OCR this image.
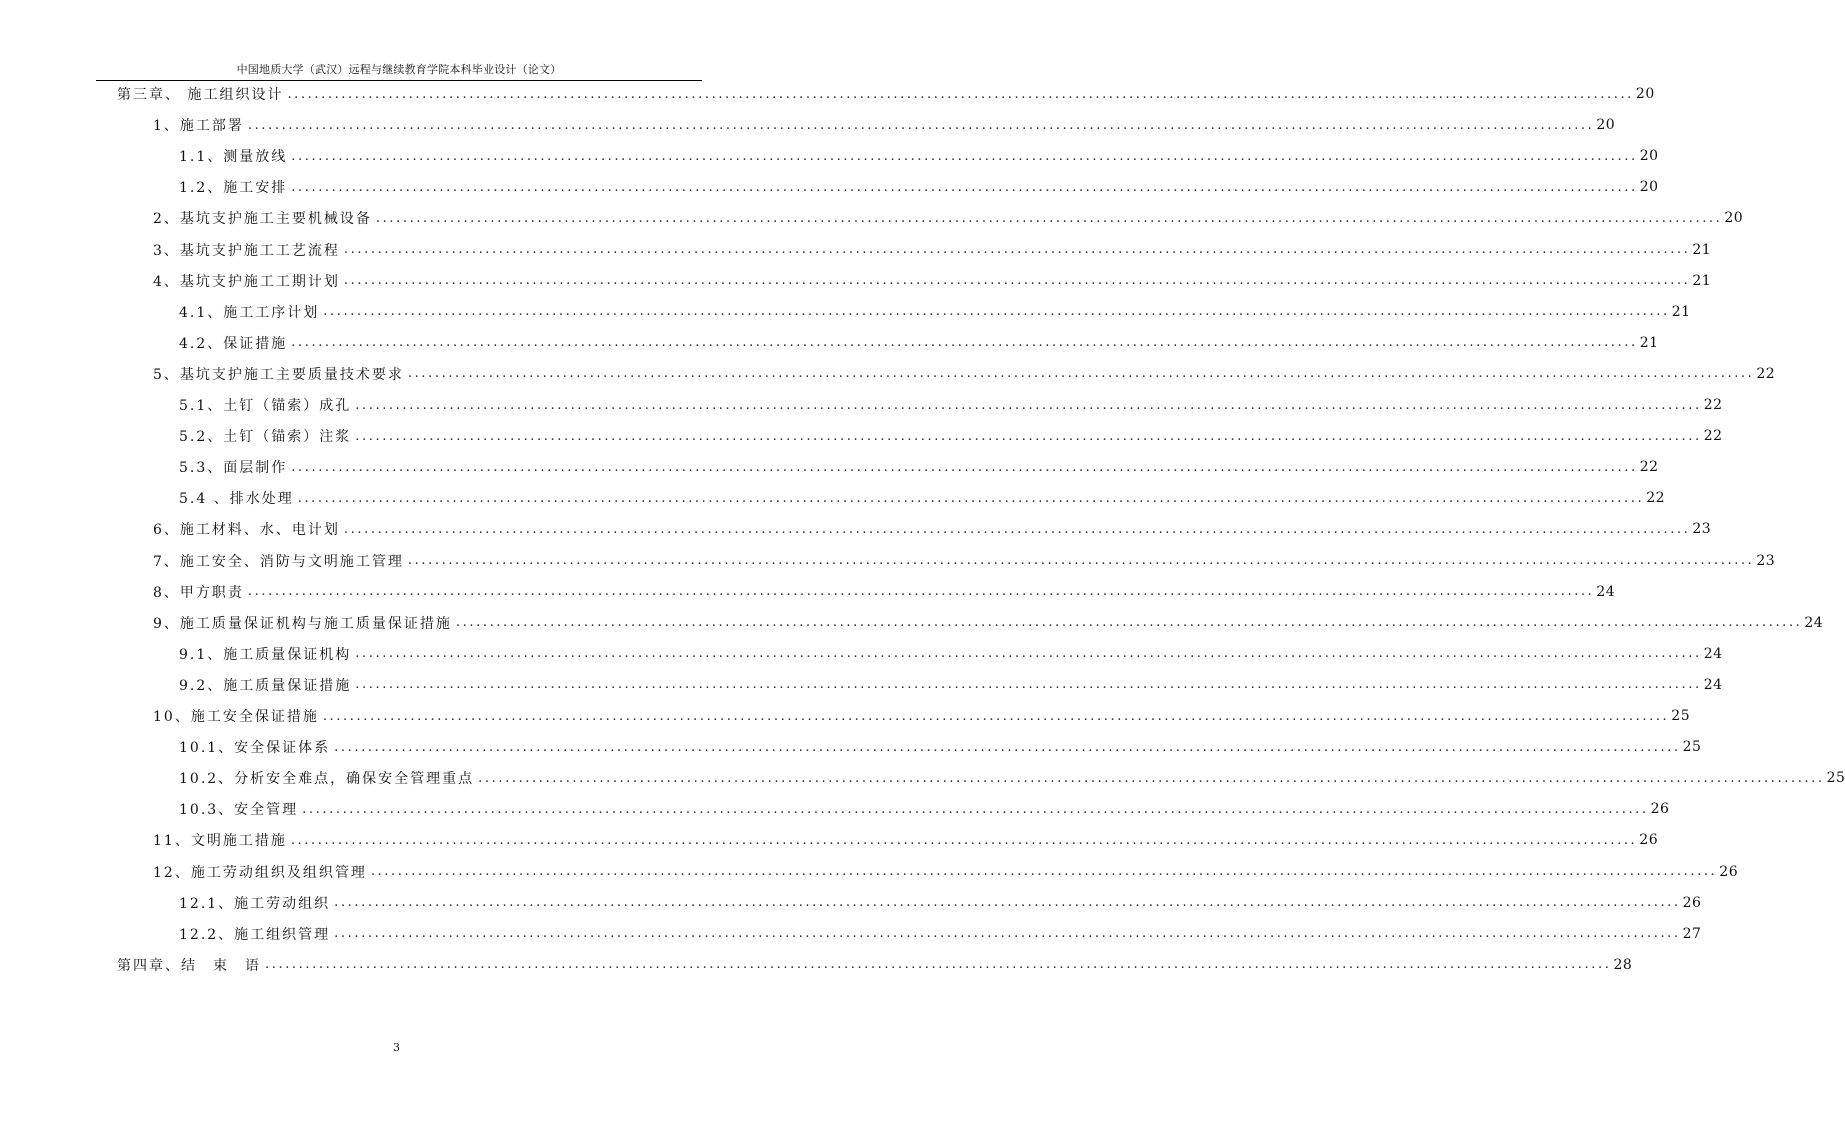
中国地质大学（武汉）远程与继续教育学院本科毕业设计（论文）
第三章、 施工组织设计 ........................................................................................................................................................................................................ 20
1、施工部署 ........................................................................................................................................................................................................ 20
1.1、测量放线 ........................................................................................................................................................................................................ 20
1.2、施工安排 ........................................................................................................................................................................................................ 20
2、基坑支护施工主要机械设备 ........................................................................................................................................................................................................ 20
3、基坑支护施工工艺流程 ........................................................................................................................................................................................................ 21
4、基坑支护施工工期计划 ........................................................................................................................................................................................................ 21
4.1、施工工序计划 ........................................................................................................................................................................................................ 21
4.2、保证措施 ........................................................................................................................................................................................................ 21
5、基坑支护施工主要质量技术要求 ........................................................................................................................................................................................................ 22
5.1、土钉（锚索）成孔 ........................................................................................................................................................................................................ 22
5.2、土钉（锚索）注浆 ........................................................................................................................................................................................................ 22
5.3、面层制作 ........................................................................................................................................................................................................ 22
5.4 、排水处理 ........................................................................................................................................................................................................ 22
6、施工材料、水、电计划 ........................................................................................................................................................................................................ 23
7、施工安全、消防与文明施工管理 ........................................................................................................................................................................................................ 23
8、甲方职责 ........................................................................................................................................................................................................ 24
9、施工质量保证机构与施工质量保证措施 ........................................................................................................................................................................................................ 24
9.1、施工质量保证机构 ........................................................................................................................................................................................................ 24
9.2、施工质量保证措施 ........................................................................................................................................................................................................ 24
10、施工安全保证措施 ........................................................................................................................................................................................................ 25
10.1、安全保证体系 ........................................................................................................................................................................................................ 25
10.2、分析安全难点，确保安全管理重点 ........................................................................................................................................................................................................ 25
10.3、安全管理 ........................................................................................................................................................................................................ 26
11、文明施工措施 ........................................................................................................................................................................................................ 26
12、施工劳动组织及组织管理 ........................................................................................................................................................................................................ 26
12.1、施工劳动组织 ........................................................................................................................................................................................................ 26
12.2、施工组织管理 ........................................................................................................................................................................................................ 27
第四章、结　束　语 ........................................................................................................................................................................................................ 28
3
